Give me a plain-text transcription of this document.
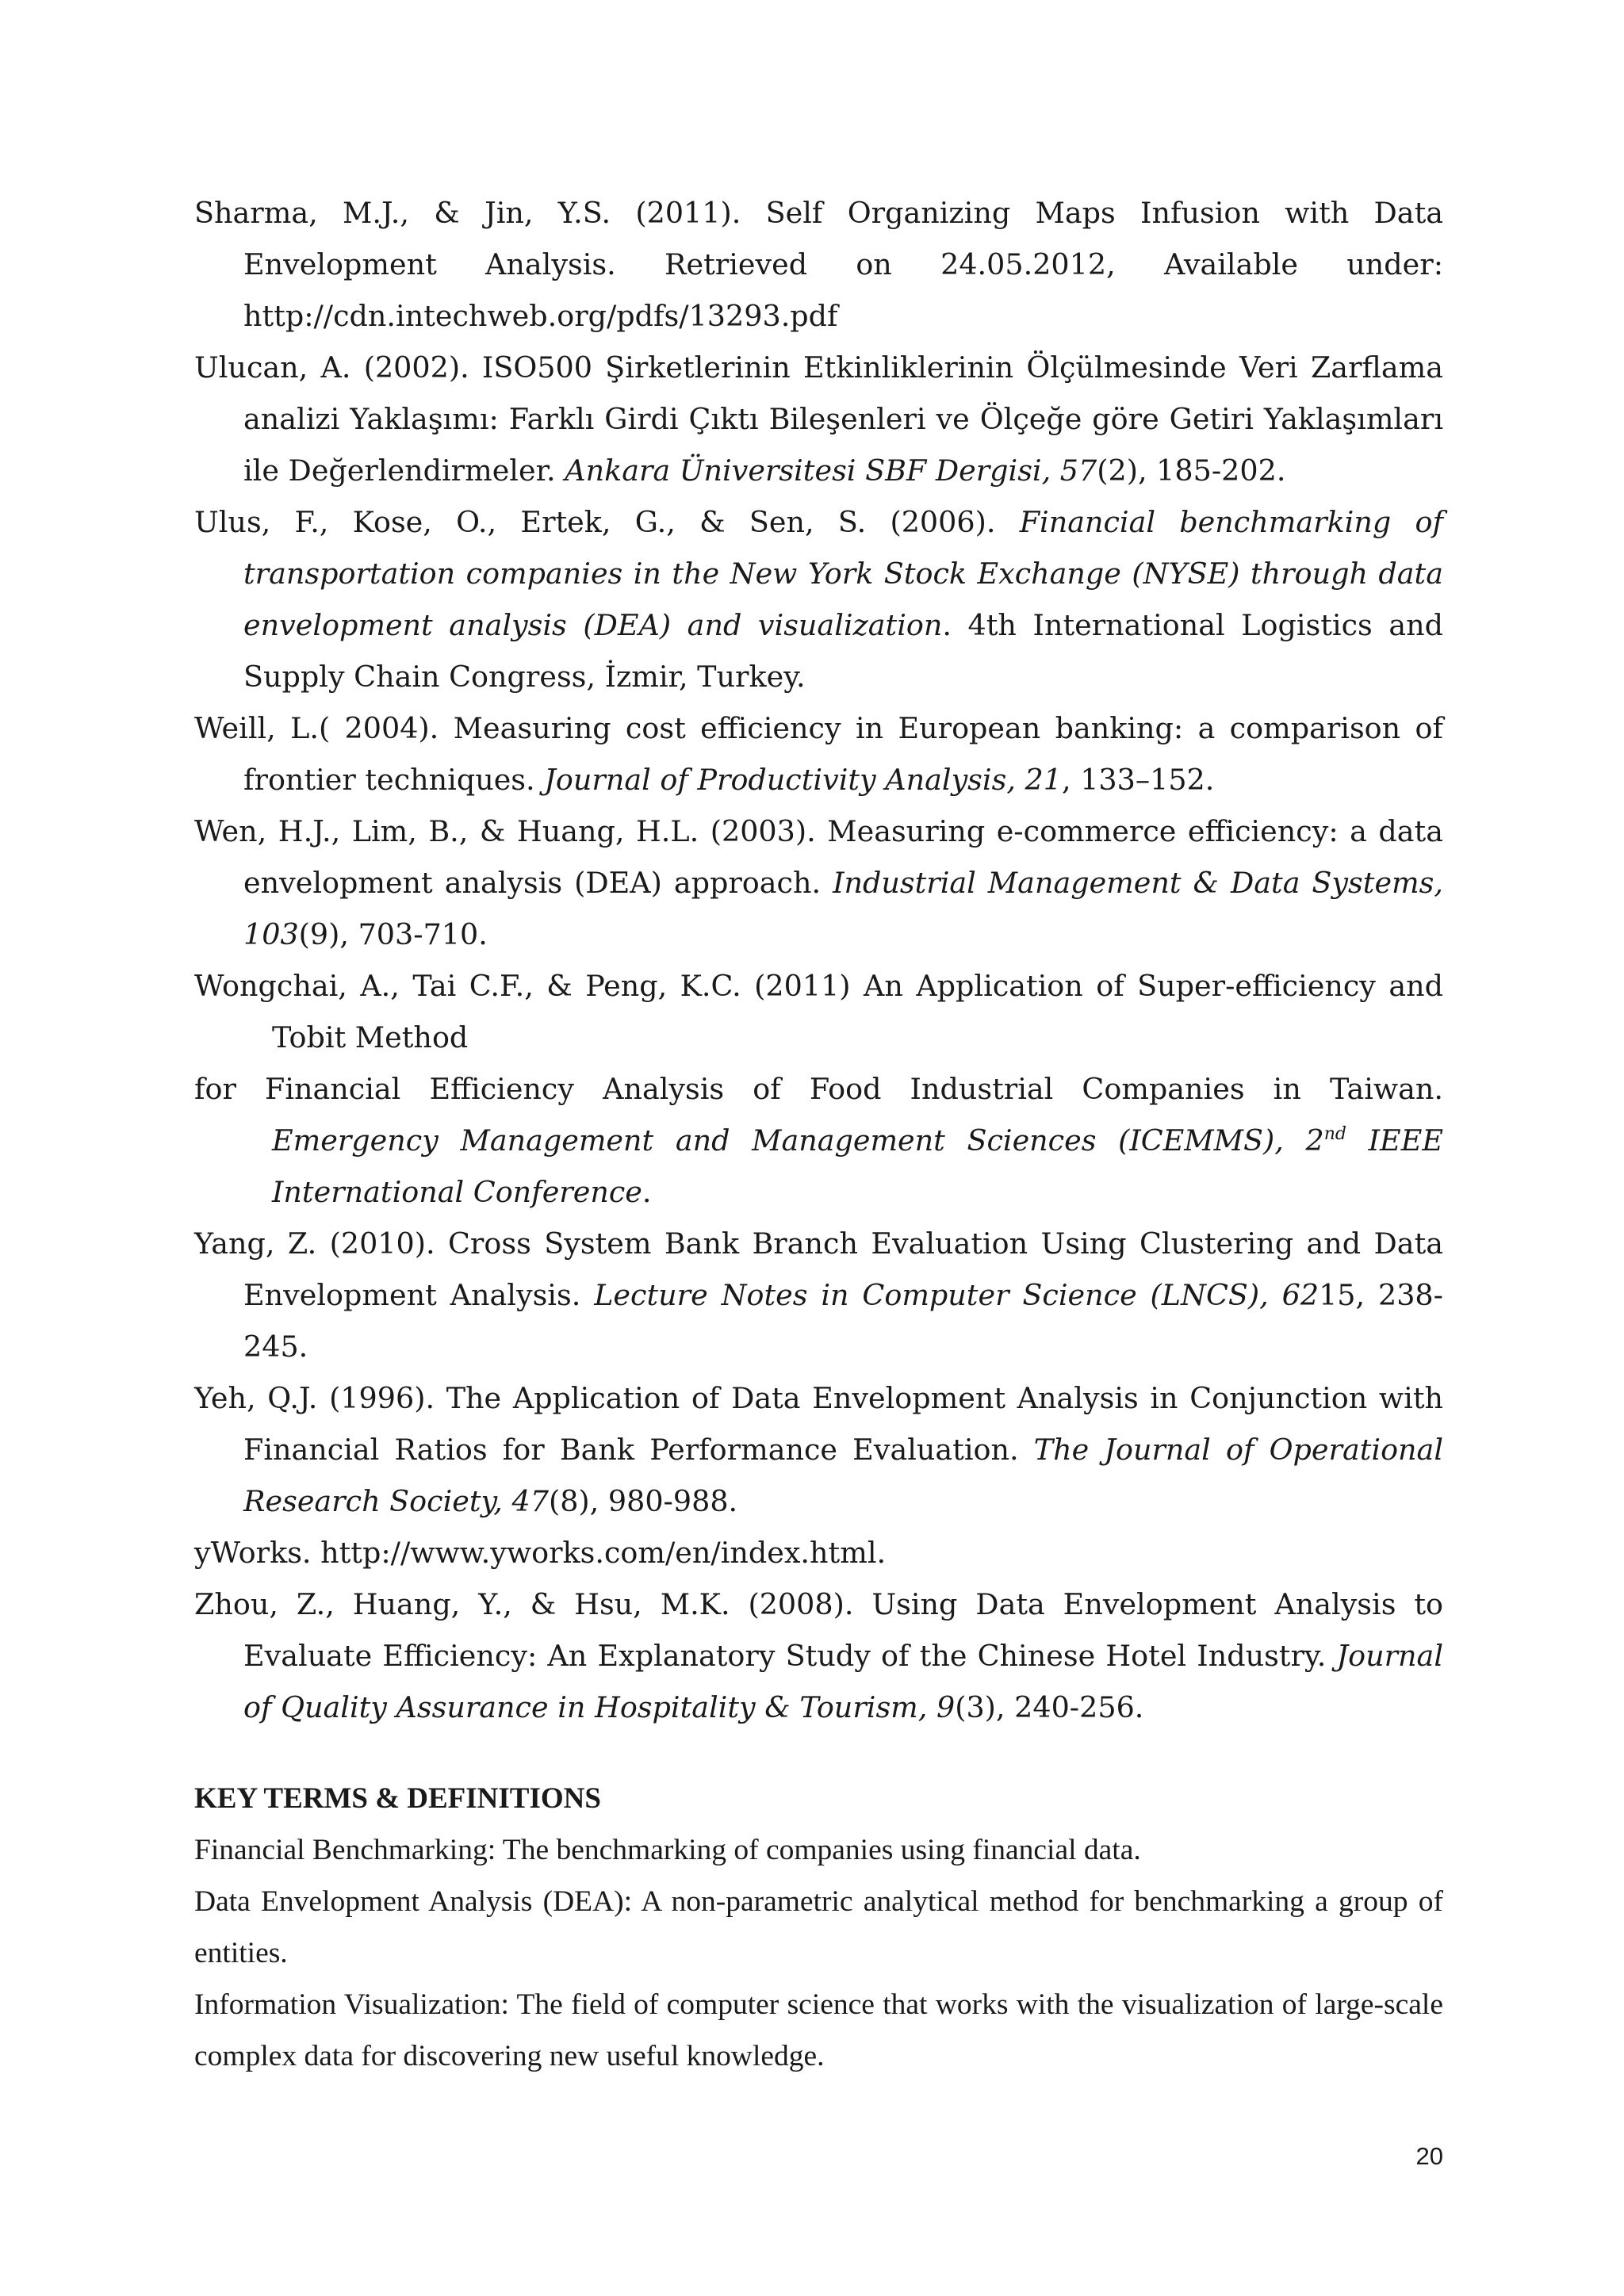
Sharma, M.J., & Jin, Y.S. (2011). Self Organizing Maps Infusion with Data Envelopment Analysis. Retrieved on 24.05.2012, Available under: http://cdn.intechweb.org/pdfs/13293.pdf

Ulucan, A. (2002). ISO500 Şirketlerinin Etkinliklerinin Ölçülmesinde Veri Zarflama analizi Yaklaşımı: Farklı Girdi Çıktı Bileşenleri ve Ölçeğe göre Getiri Yaklaşımları ile Değerlendirmeler. Ankara Üniversitesi SBF Dergisi, 57(2), 185-202.

Ulus, F., Kose, O., Ertek, G., & Sen, S. (2006). Financial benchmarking of transportation companies in the New York Stock Exchange (NYSE) through data envelopment analysis (DEA) and visualization. 4th International Logistics and Supply Chain Congress, İzmir, Turkey.

Weill, L.( 2004). Measuring cost efficiency in European banking: a comparison of frontier techniques. Journal of Productivity Analysis, 21, 133–152.

Wen, H.J., Lim, B., & Huang, H.L. (2003). Measuring e-commerce efficiency: a data envelopment analysis (DEA) approach. Industrial Management & Data Systems, 103(9), 703-710.

Wongchai, A., Tai C.F., & Peng, K.C. (2011) An Application of Super-efficiency and Tobit Method

for Financial Efficiency Analysis of Food Industrial Companies in Taiwan. Emergency Management and Management Sciences (ICEMMS), 2nd IEEE International Conference.

Yang, Z. (2010). Cross System Bank Branch Evaluation Using Clustering and Data Envelopment Analysis. Lecture Notes in Computer Science (LNCS), 6215, 238-245.

Yeh, Q.J. (1996). The Application of Data Envelopment Analysis in Conjunction with Financial Ratios for Bank Performance Evaluation. The Journal of Operational Research Society, 47(8), 980-988.

yWorks. http://www.yworks.com/en/index.html.

Zhou, Z., Huang, Y., & Hsu, M.K. (2008). Using Data Envelopment Analysis to Evaluate Efficiency: An Explanatory Study of the Chinese Hotel Industry. Journal of Quality Assurance in Hospitality & Tourism, 9(3), 240-256.

KEY TERMS & DEFINITIONS

Financial Benchmarking: The benchmarking of companies using financial data.

Data Envelopment Analysis (DEA): A non-parametric analytical method for benchmarking a group of entities.

Information Visualization: The field of computer science that works with the visualization of large-scale complex data for discovering new useful knowledge.

20
